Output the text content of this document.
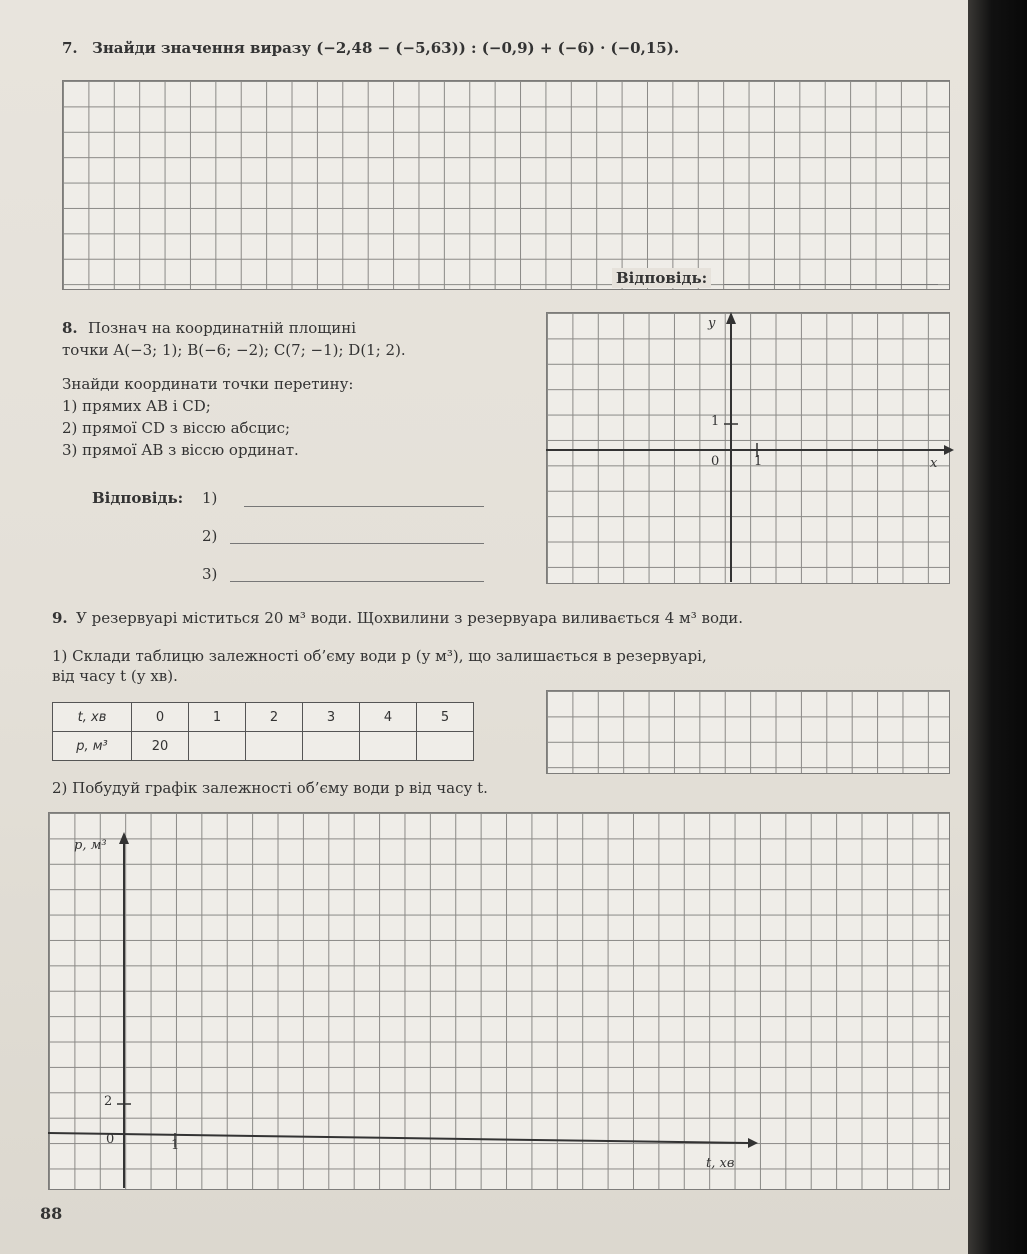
7. Знайди значення виразу (−2,48 − (−5,63)) : (−0,9) + (−6) · (−0,15).
Відповідь:
8. Познач на координатній площині
точки A(−3; 1); B(−6; −2); C(7; −1); D(1; 2).
Знайди координати точки перетину:
1) прямих AB і CD;
2) прямої CD з віссю абсцис;
3) прямої AB з віссю ординат.
Відповідь: 1)
2)
3)
y
x
1
0	1
9. У резервуарі міститься 20 м³ води. Щохвилини з резервуара виливається 4 м³ води.
1) Склади таблицю залежності об’єму води p (у м³), що залишається в резервуарі,
від часу t (у хв).
t, хв	0	1	2	3	4	5
p, м³	20					
2) Побудуй графік залежності об’єму води p від часу t.
p, м³
t, хв
2
0	1
88
